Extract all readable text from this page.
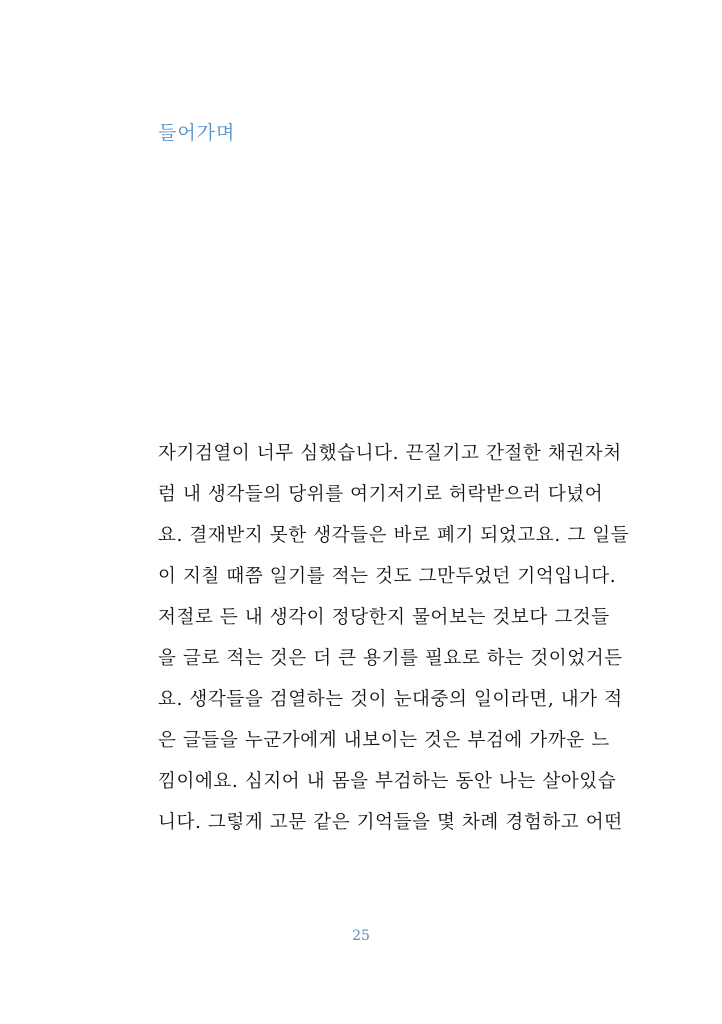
들어가며
자기검열이 너무 심했습니다. 끈질기고 간절한 채권자처
럼 내 생각들의 당위를 여기저기로 허락받으러 다녔어
요. 결재받지 못한 생각들은 바로 폐기 되었고요. 그 일들
이 지칠 때쯤 일기를 적는 것도 그만두었던 기억입니다.
저절로 든 내 생각이 정당한지 물어보는 것보다 그것들
을 글로 적는 것은 더 큰 용기를 필요로 하는 것이었거든
요. 생각들을 검열하는 것이 눈대중의 일이라면, 내가 적
은 글들을 누군가에게 내보이는 것은 부검에 가까운 느
낌이에요. 심지어 내 몸을 부검하는 동안 나는 살아있습
니다. 그렇게 고문 같은 기억들을 몇 차례 경험하고 어떤
25
